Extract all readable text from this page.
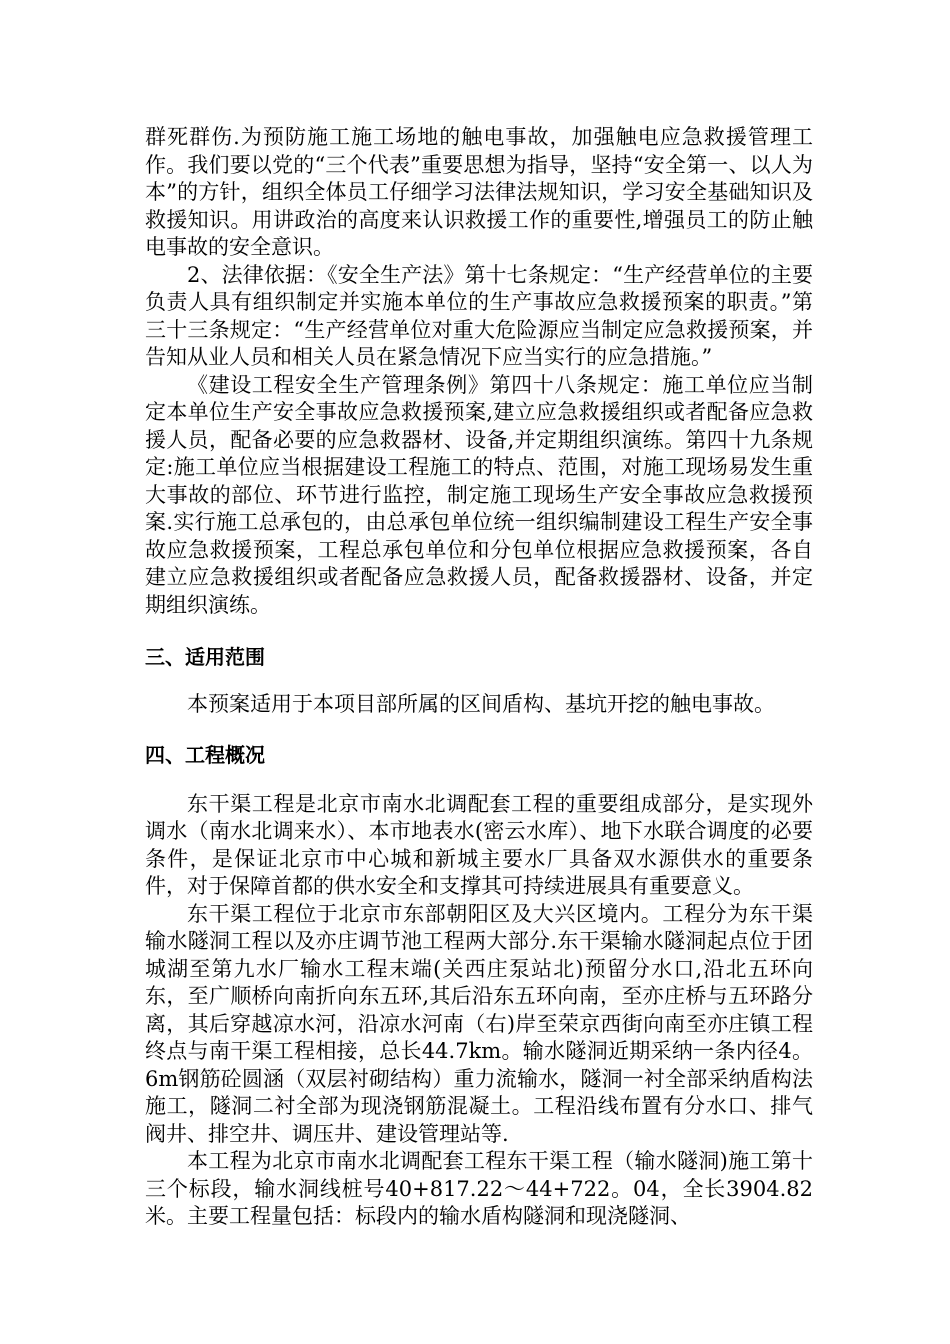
群死群伤.为预防施工施工场地的触电事故，加强触电应急救援管理工作。我们要以党的“三个代表”重要思想为指导，坚持“安全第一、以人为本”的方针，组织全体员工仔细学习法律法规知识，学习安全基础知识及救援知识。用讲政治的高度来认识救援工作的重要性,增强员工的防止触电事故的安全意识。

2、法律依据：《安全生产法》第十七条规定：“生产经营单位的主要负责人具有组织制定并实施本单位的生产事故应急救援预案的职责。”第三十三条规定：“生产经营单位对重大危险源应当制定应急救援预案，并告知从业人员和相关人员在紧急情况下应当实行的应急措施。”

《建设工程安全生产管理条例》第四十八条规定：施工单位应当制定本单位生产安全事故应急救援预案,建立应急救援组织或者配备应急救援人员，配备必要的应急救器材、设备,并定期组织演练。第四十九条规定:施工单位应当根据建设工程施工的特点、范围，对施工现场易发生重大事故的部位、环节进行监控，制定施工现场生产安全事故应急救援预案.实行施工总承包的，由总承包单位统一组织编制建设工程生产安全事故应急救援预案，工程总承包单位和分包单位根据应急救援预案，各自建立应急救援组织或者配备应急救援人员，配备救援器材、设备，并定期组织演练。

三、适用范围

本预案适用于本项目部所属的区间盾构、基坑开挖的触电事故。

四、工程概况

东干渠工程是北京市南水北调配套工程的重要组成部分，是实现外调水（南水北调来水）、本市地表水(密云水库）、地下水联合调度的必要条件，是保证北京市中心城和新城主要水厂具备双水源供水的重要条件，对于保障首都的供水安全和支撑其可持续进展具有重要意义。

东干渠工程位于北京市东部朝阳区及大兴区境内。工程分为东干渠输水隧洞工程以及亦庄调节池工程两大部分.东干渠输水隧洞起点位于团城湖至第九水厂输水工程末端(关西庄泵站北)预留分水口,沿北五环向东，至广顺桥向南折向东五环,其后沿东五环向南，至亦庄桥与五环路分离，其后穿越凉水河，沿凉水河南（右)岸至荣京西街向南至亦庄镇工程终点与南干渠工程相接，总长44.7km。输水隧洞近期采纳一条内径4。6m钢筋砼圆涵（双层衬砌结构）重力流输水，隧洞一衬全部采纳盾构法施工，隧洞二衬全部为现浇钢筋混凝土。工程沿线布置有分水口、排气阀井、排空井、调压井、建设管理站等.

本工程为北京市南水北调配套工程东干渠工程（输水隧洞)施工第十三个标段，输水洞线桩号40+817.22～44+722。04，全长3904.82米。主要工程量包括：标段内的输水盾构隧洞和现浇隧洞、
